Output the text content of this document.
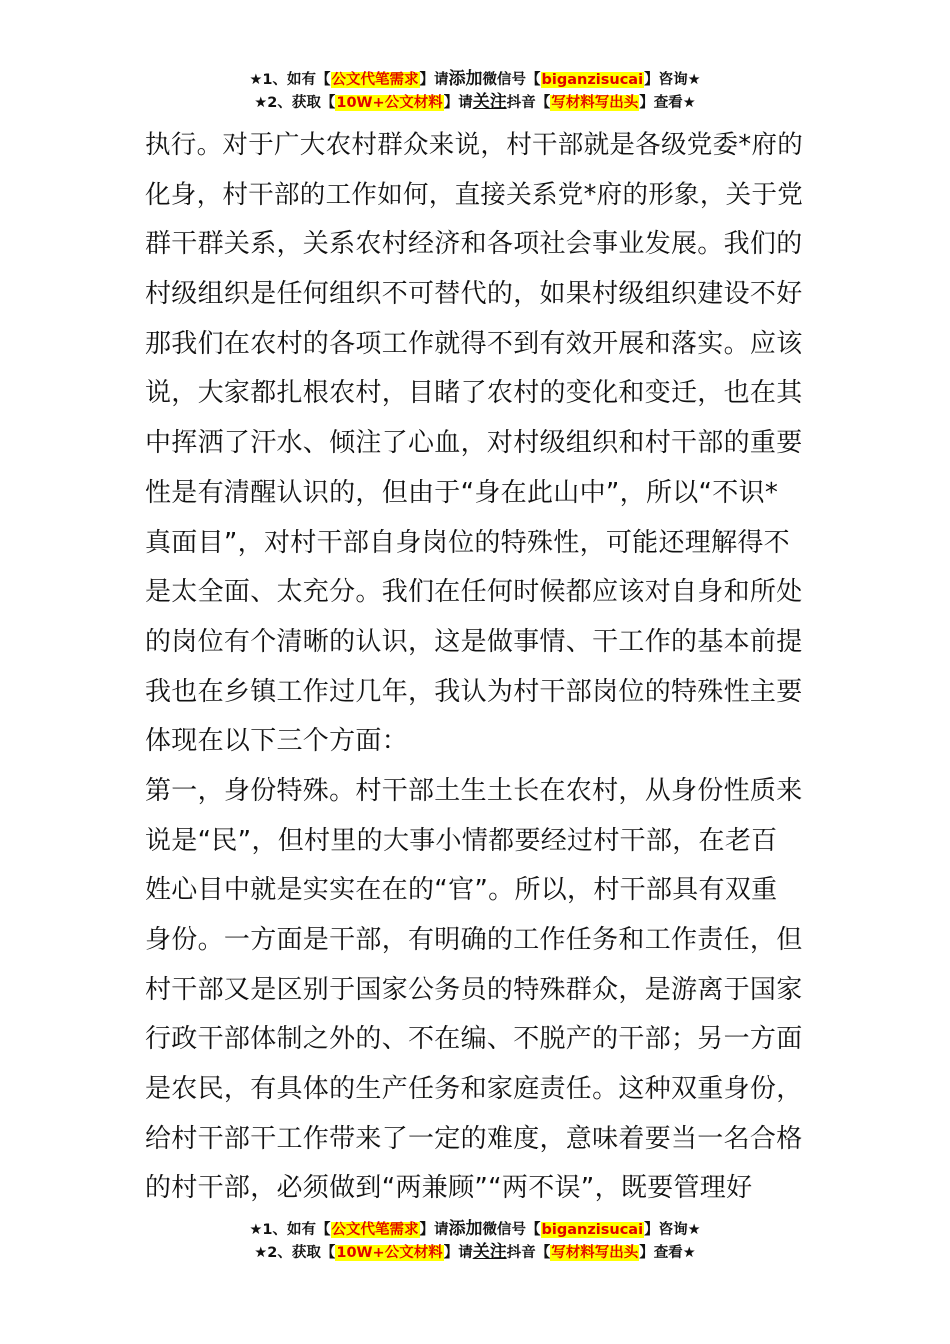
★1、如有【公文代笔需求】请添加微信号【biganzisucai】咨询★
★2、获取【10W+公文材料】请关注抖音【写材料写出头】查看★
执行。对于广大农村群众来说，村干部就是各级党委*府的
化身，村干部的工作如何，直接关系党*府的形象，关于党
群干群关系，关系农村经济和各项社会事业发展。我们的
村级组织是任何组织不可替代的，如果村级组织建设不好
那我们在农村的各项工作就得不到有效开展和落实。应该
说，大家都扎根农村，目睹了农村的变化和变迁，也在其
中挥洒了汗水、倾注了心血，对村级组织和村干部的重要
性是有清醒认识的，但由于“身在此山中”，所以“不识*
真面目”，对村干部自身岗位的特殊性，可能还理解得不
是太全面、太充分。我们在任何时候都应该对自身和所处
的岗位有个清晰的认识，这是做事情、干工作的基本前提
我也在乡镇工作过几年，我认为村干部岗位的特殊性主要
体现在以下三个方面：
第一，身份特殊。村干部土生土长在农村，从身份性质来
说是“民”，但村里的大事小情都要经过村干部，在老百
姓心目中就是实实在在的“官”。所以，村干部具有双重
身份。一方面是干部，有明确的工作任务和工作责任，但
村干部又是区别于国家公务员的特殊群众，是游离于国家
行政干部体制之外的、不在编、不脱产的干部；另一方面
是农民，有具体的生产任务和家庭责任。这种双重身份，
给村干部干工作带来了一定的难度，意味着要当一名合格
的村干部，必须做到“两兼顾”“两不误”，既要管理好
★1、如有【公文代笔需求】请添加微信号【biganzisucai】咨询★
★2、获取【10W+公文材料】请关注抖音【写材料写出头】查看★
